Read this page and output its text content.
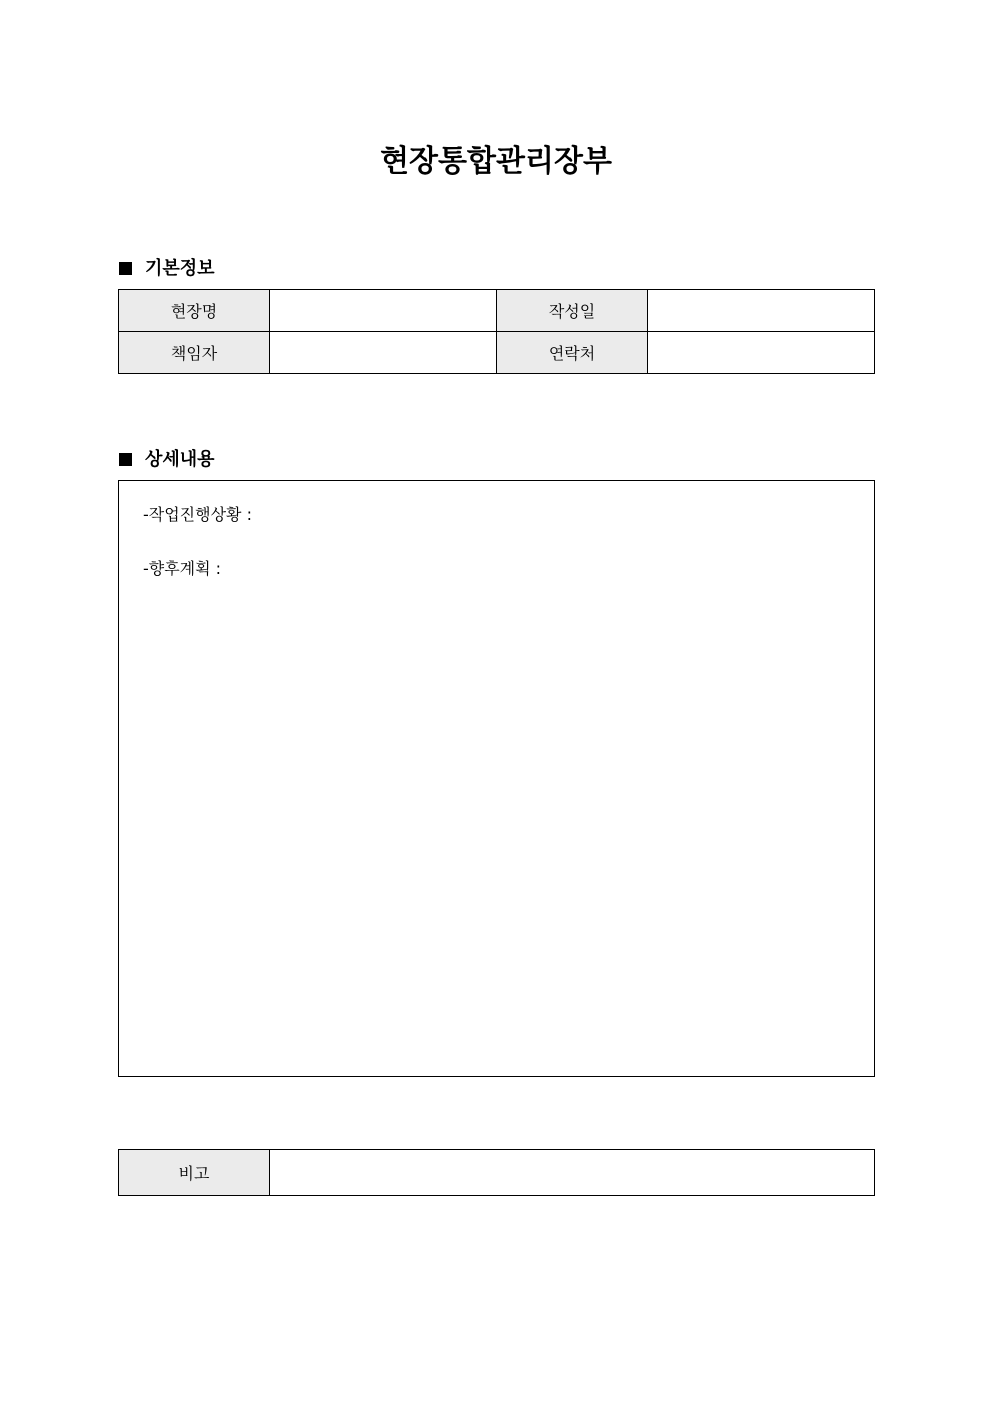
현장통합관리장부
기본정보
현장명		작성일	
책임자		연락처	
상세내용
-작업진행상황 :
-향후계획 :
비고	
